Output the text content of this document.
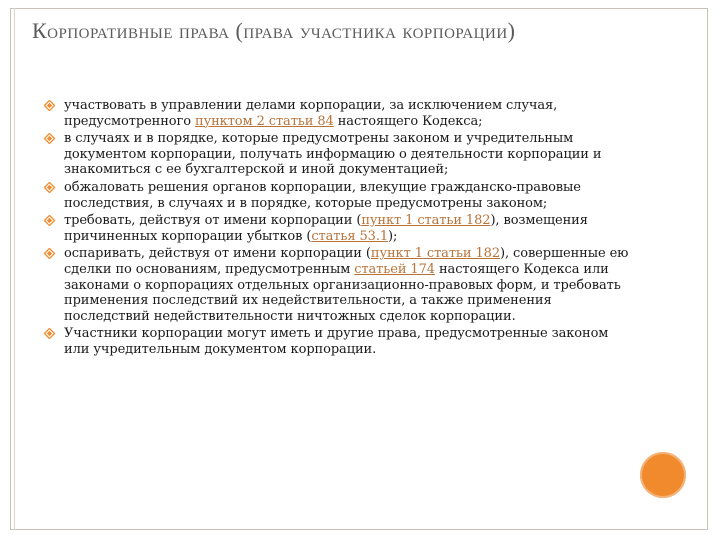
Корпоративные права (права участника корпорации)
участвовать в управлении делами корпорации, за исключением случая, предусмотренного пунктом 2 статьи 84 настоящего Кодекса;
в случаях и в порядке, которые предусмотрены законом и учредительным документом корпорации, получать информацию о деятельности корпорации и знакомиться с ее бухгалтерской и иной документацией;
обжаловать решения органов корпорации, влекущие гражданско-правовые последствия, в случаях и в порядке, которые предусмотрены законом;
требовать, действуя от имени корпорации (пункт 1 статьи 182), возмещения причиненных корпорации убытков (статья 53.1);
оспаривать, действуя от имени корпорации (пункт 1 статьи 182), совершенные ею сделки по основаниям, предусмотренным статьей 174 настоящего Кодекса или законами о корпорациях отдельных организационно-правовых форм, и требовать применения последствий их недействительности, а также применения последствий недействительности ничтожных сделок корпорации.
Участники корпорации могут иметь и другие права, предусмотренные законом или учредительным документом корпорации.
